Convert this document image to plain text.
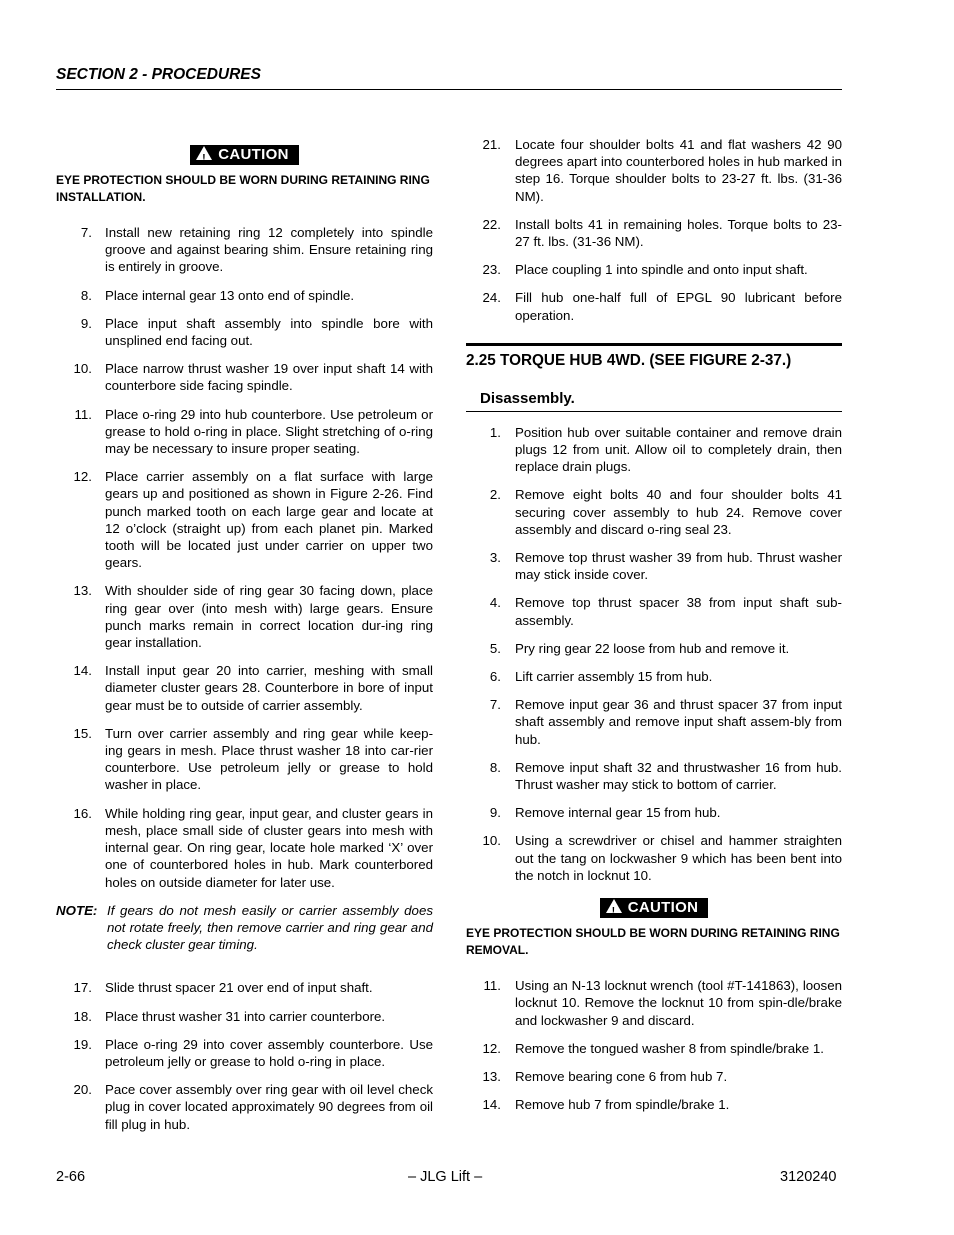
SECTION 2 - PROCEDURES
! CAUTION
EYE PROTECTION SHOULD BE WORN DURING RETAINING RING INSTALLATION.
7. Install new retaining ring 12 completely into spindle groove and against bearing shim. Ensure retaining ring is entirely in groove.
8. Place internal gear 13 onto end of spindle.
9. Place input shaft assembly into spindle bore with unsplined end facing out.
10. Place narrow thrust washer 19 over input shaft 14 with counterbore side facing spindle.
11. Place o-ring 29 into hub counterbore. Use petroleum or grease to hold o-ring in place. Slight stretching of o-ring may be necessary to insure proper seating.
12. Place carrier assembly on a flat surface with large gears up and positioned as shown in Figure 2-26. Find punch marked tooth on each large gear and locate at 12 o’clock (straight up) from each planet pin. Marked tooth will be located just under carrier on upper two gears.
13. With shoulder side of ring gear 30 facing down, place ring gear over (into mesh with) large gears. Ensure punch marks remain in correct location dur-ing ring gear installation.
14. Install input gear 20 into carrier, meshing with small diameter cluster gears 28. Counterbore in bore of input gear must be to outside of carrier assembly.
15. Turn over carrier assembly and ring gear while keep-ing gears in mesh. Place thrust washer 18 into car-rier counterbore. Use petroleum jelly or grease to hold washer in place.
16. While holding ring gear, input gear, and cluster gears in mesh, place small side of cluster gears into mesh with internal gear. On ring gear, locate hole marked ‘X’ over one of counterbored holes in hub. Mark counterbored holes on outside diameter for later use.
NOTE: If gears do not mesh easily or carrier assembly does not rotate freely, then remove carrier and ring gear and check cluster gear timing.
17. Slide thrust spacer 21 over end of input shaft.
18. Place thrust washer 31 into carrier counterbore.
19. Place o-ring 29 into cover assembly counterbore. Use petroleum jelly or grease to hold o-ring in place.
20. Pace cover assembly over ring gear with oil level check plug in cover located approximately 90 degrees from oil fill plug in hub.
21. Locate four shoulder bolts 41 and flat washers 42 90 degrees apart into counterbored holes in hub marked in step 16. Torque shoulder bolts to 23-27 ft. lbs. (31-36 NM).
22. Install bolts 41 in remaining holes. Torque bolts to 23-27 ft. lbs. (31-36 NM).
23. Place coupling 1 into spindle and onto input shaft.
24. Fill hub one-half full of EPGL 90 lubricant before operation.
2.25 TORQUE HUB 4WD. (SEE FIGURE 2-37.)
Disassembly.
1. Position hub over suitable container and remove drain plugs 12 from unit. Allow oil to completely drain, then replace drain plugs.
2. Remove eight bolts 40 and four shoulder bolts 41 securing cover assembly to hub 24. Remove cover assembly and discard o-ring seal 23.
3. Remove top thrust washer 39 from hub. Thrust washer may stick inside cover.
4. Remove top thrust spacer 38 from input shaft sub-assembly.
5. Pry ring gear 22 loose from hub and remove it.
6. Lift carrier assembly 15 from hub.
7. Remove input gear 36 and thrust spacer 37 from input shaft assembly and remove input shaft assem-bly from hub.
8. Remove input shaft 32 and thrustwasher 16 from hub. Thrust washer may stick to bottom of carrier.
9. Remove internal gear 15 from hub.
10. Using a screwdriver or chisel and hammer straighten out the tang on lockwasher 9 which has been bent into the notch in locknut 10.
! CAUTION
EYE PROTECTION SHOULD BE WORN DURING RETAINING RING REMOVAL.
11. Using an N-13 locknut wrench (tool #T-141863), loosen locknut 10. Remove the locknut 10 from spin-dle/brake and lockwasher 9 and discard.
12. Remove the tongued washer 8 from spindle/brake 1.
13. Remove bearing cone 6 from hub 7.
14. Remove hub 7 from spindle/brake 1.
2-66	– JLG Lift –	3120240
